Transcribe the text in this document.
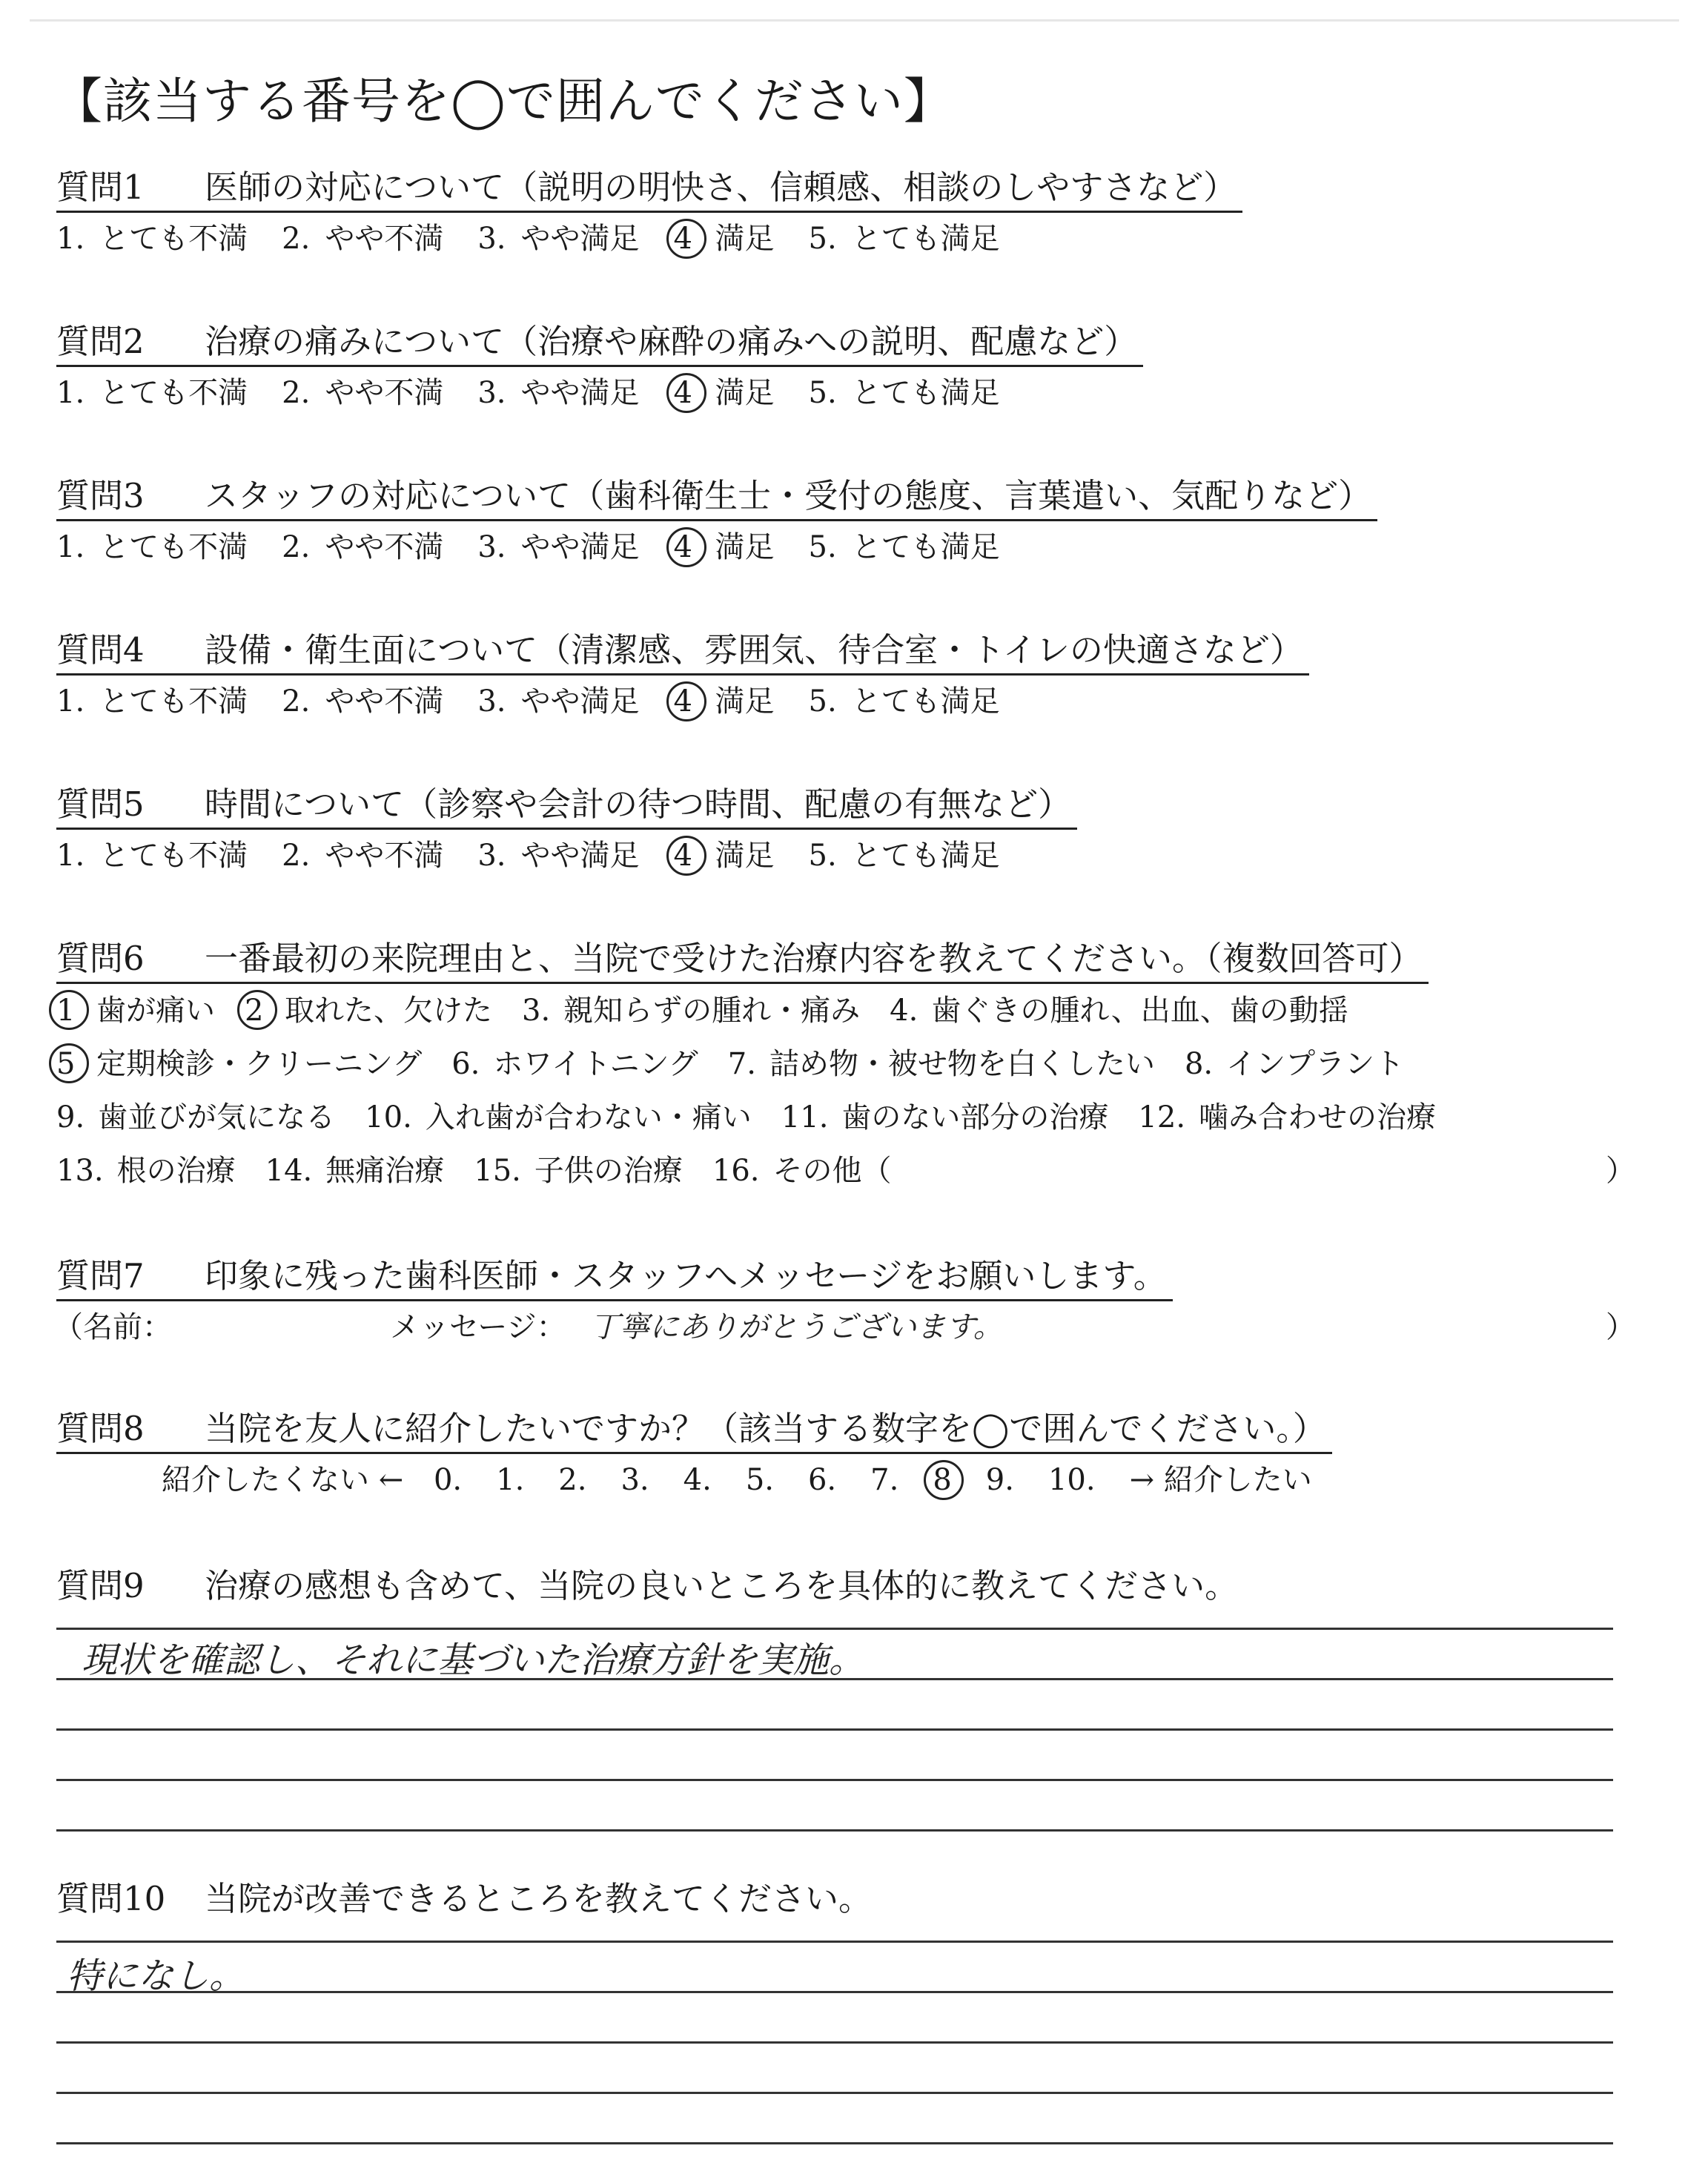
【該当する番号を◯で囲んでください】
質問1 医師の対応について（説明の明快さ、信頼感、相談のしやすさなど）
1. とても不満 2. やや不満 3. やや満足 4 満足 5. とても満足
質問2 治療の痛みについて（治療や麻酔の痛みへの説明、配慮など）
1. とても不満 2. やや不満 3. やや満足 4 満足 5. とても満足
質問3 スタッフの対応について（歯科衛生士・受付の態度、言葉遣い、気配りなど）
1. とても不満 2. やや不満 3. やや満足 4 満足 5. とても満足
質問4 設備・衛生面について（清潔感、雰囲気、待合室・トイレの快適さなど）
1. とても不満 2. やや不満 3. やや満足 4 満足 5. とても満足
質問5 時間について（診察や会計の待つ時間、配慮の有無など）
1. とても不満 2. やや不満 3. やや満足 4 満足 5. とても満足
質問6 一番最初の来院理由と、当院で受けた治療内容を教えてください。（複数回答可）
1 歯が痛い 2 取れた、欠けた 3. 親知らずの腫れ・痛み 4. 歯ぐきの腫れ、出血、歯の動揺
5 定期検診・クリーニング 6. ホワイトニング 7. 詰め物・被せ物を白くしたい 8. インプラント
9. 歯並びが気になる 10. 入れ歯が合わない・痛い 11. 歯のない部分の治療 12. 噛み合わせの治療
13. 根の治療 14. 無痛治療 15. 子供の治療 16. その他（	）
質問7 印象に残った歯科医師・スタッフへメッセージをお願いします。
（名前：	メッセージ： 丁寧にありがとうございます。	）
質問8 当院を友人に紹介したいですか？（該当する数字を◯で囲んでください。）
紹介したくない ← 0. 1. 2. 3. 4. 5. 6. 7. 8 9. 10. → 紹介したい
質問9 治療の感想も含めて、当院の良いところを具体的に教えてください。
現状を確認し、それに基づいた治療方針を実施。
質問10 当院が改善できるところを教えてください。
特になし。
